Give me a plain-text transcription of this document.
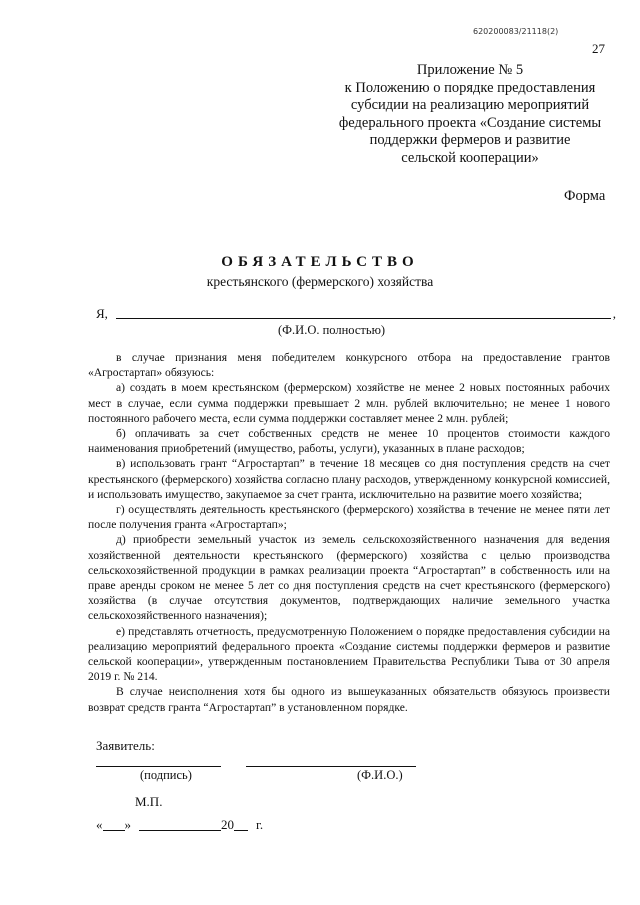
620200083/21118(2)
27
Приложение № 5
к Положению о порядке предоставления
субсидии на реализацию мероприятий
федерального проекта «Создание системы
поддержки фермеров и развитие
сельской кооперации»
Форма
ОБЯЗАТЕЛЬСТВО
крестьянского (фермерского) хозяйства
Я,	,
(Ф.И.О. полностью)

в случае признания меня победителем конкурсного отбора на предоставление грантов «Агростартап» обязуюсь:

а) создать в моем крестьянском (фермерском) хозяйстве не менее 2 новых постоянных рабочих мест в случае, если сумма поддержки превышает 2 млн. рублей включительно; не менее 1 нового постоянного рабочего места, если сумма поддержки составляет менее 2 млн. рублей;

б) оплачивать за счет собственных средств не менее 10 процентов стоимости каждого наименования приобретений (имущество, работы, услуги), указанных в плане расходов;

в) использовать грант “Агростартап” в течение 18 месяцев со дня поступления средств на счет крестьянского (фермерского) хозяйства согласно плану расходов, утвержденному конкурсной комиссией, и использовать имущество, закупаемое за счет гранта, исключительно на развитие моего хозяйства;

г) осуществлять деятельность крестьянского (фермерского) хозяйства в течение не менее пяти лет после получения гранта «Агростартап»;

д) приобрести земельный участок из земель сельскохозяйственного назначения для ведения хозяйственной деятельности крестьянского (фермерского) хозяйства с целью производства сельскохозяйственной продукции в рамках реализации проекта “Агростартап” в собственность или на праве аренды сроком не менее 5 лет со дня поступления средств на счет крестьянского (фермерского) хозяйства (в случае отсутствия документов, подтверждающих наличие земельного участка сельскохозяйственного назначения);

е) представлять отчетность, предусмотренную Положением о порядке предоставления субсидии на реализацию мероприятий федерального проекта «Создание системы поддержки фермеров и развитие сельской кооперации», утвержденным постановлением Правительства Республики Тыва от 30 апреля 2019 г. № 214.

В случае неисполнения хотя бы одного из вышеуказанных обязательств обязуюсь произвести возврат средств гранта “Агростартап” в установленном порядке.

Заявитель:
(подпись)	(Ф.И.О.)
М.П.
« »	20 г.
